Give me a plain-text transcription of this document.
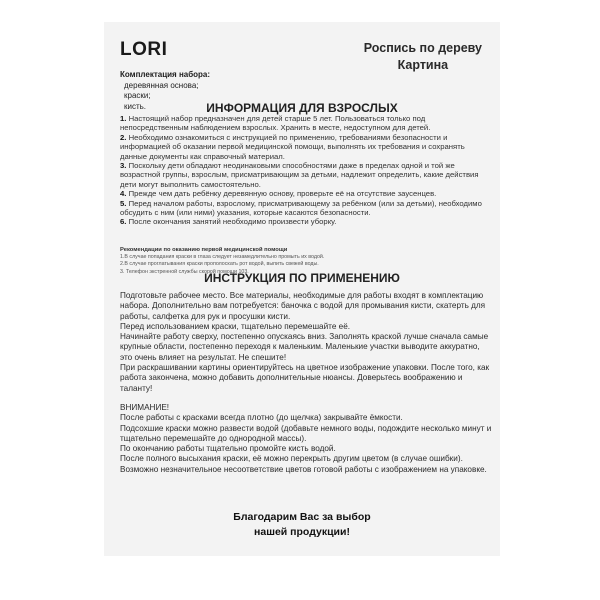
LORI	Роспись по дереву
Картина
Комплектация набора:
деревянная основа;
краски;
кисть.	ИНФОРМАЦИЯ ДЛЯ ВЗРОСЛЫХ
1. Настоящий набор предназначен для детей старше 5 лет. Пользоваться только под непосредственным наблюдением взрослых. Хранить в месте, недоступном для детей.
2. Необходимо ознакомиться с инструкцией по применению, требованиями безопасности и информацией об оказании первой медицинской помощи, выполнять их требования и сохранять данные документы как справочный материал.
3. Поскольку дети обладают неодинаковыми способностями даже в пределах одной и той же возрастной группы, взрослым, присматривающим за детьми, надлежит определить, какие действия дети могут выполнить самостоятельно.
4. Прежде чем дать ребёнку деревянную основу, проверьте её на отсутствие заусенцев.
5. Перед началом работы, взрослому, присматривающему за ребёнком (или за детьми), необходимо обсудить с ним (или ними) указания, которые касаются безопасности.
6. После окончания занятий необходимо произвести уборку.
Рекомендации по оказанию первой медицинской помощи
1.В случае попадания краски в глаза следует незамедлительно промыть их водой.
2.В случае проглатывания краски прополоскать рот водой, выпить свежей воды.
3. Телефон экстренной службы скорой помощи 103.
ИНСТРУКЦИЯ ПО ПРИМЕНЕНИЮ

Подготовьте рабочее место. Все материалы, необходимые для работы входят в комплектацию набора. Дополнительно вам потребуется: баночка с водой для промывания кисти, скатерть для работы, салфетка для рук и просушки кисти.

Перед использованием краски, тщательно перемешайте её.

Начинайте работу сверху, постепенно опускаясь вниз. Заполнять краской лучше сначала самые крупные области, постепенно переходя к маленьким. Маленькие участки выводите аккуратно, это очень влияет на результат. Не спешите!

При раскрашивании картины ориентируйтесь на цветное изображение упаковки. После того, как работа закончена, можно добавить дополнительные нюансы. Доверьтесь воображению и таланту!

ВНИМАНИЕ!

После работы с красками всегда плотно (до щелчка) закрывайте ёмкости.

Подсохшие краски можно развести водой (добавьте немного воды, подождите несколько минут и тщательно перемешайте до однородной массы).

По окончанию работы тщательно промойте кисть водой.

После полного высыхания краски, её можно перекрыть другим цветом (в случае ошибки).

Возможно незначительное несоответствие цветов готовой работы с изображением на упаковке.

Благодарим Вас за выбор
нашей продукции!
